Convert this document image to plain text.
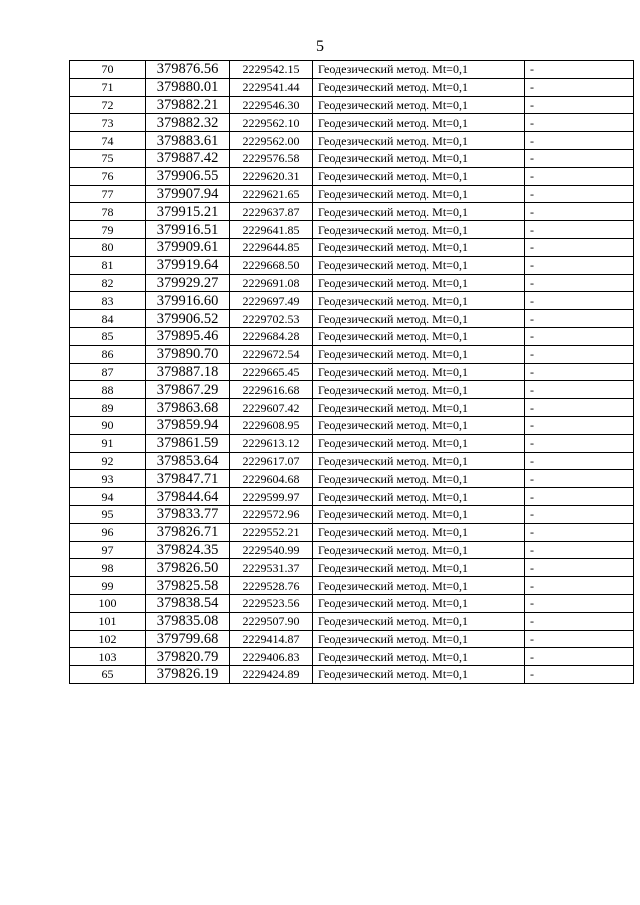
5
70	379876.56	2229542.15	Геодезический метод. Mt=0,1	-
71	379880.01	2229541.44	Геодезический метод. Mt=0,1	-
72	379882.21	2229546.30	Геодезический метод. Mt=0,1	-
73	379882.32	2229562.10	Геодезический метод. Mt=0,1	-
74	379883.61	2229562.00	Геодезический метод. Mt=0,1	-
75	379887.42	2229576.58	Геодезический метод. Mt=0,1	-
76	379906.55	2229620.31	Геодезический метод. Mt=0,1	-
77	379907.94	2229621.65	Геодезический метод. Mt=0,1	-
78	379915.21	2229637.87	Геодезический метод. Mt=0,1	-
79	379916.51	2229641.85	Геодезический метод. Mt=0,1	-
80	379909.61	2229644.85	Геодезический метод. Mt=0,1	-
81	379919.64	2229668.50	Геодезический метод. Mt=0,1	-
82	379929.27	2229691.08	Геодезический метод. Mt=0,1	-
83	379916.60	2229697.49	Геодезический метод. Mt=0,1	-
84	379906.52	2229702.53	Геодезический метод. Mt=0,1	-
85	379895.46	2229684.28	Геодезический метод. Mt=0,1	-
86	379890.70	2229672.54	Геодезический метод. Mt=0,1	-
87	379887.18	2229665.45	Геодезический метод. Mt=0,1	-
88	379867.29	2229616.68	Геодезический метод. Mt=0,1	-
89	379863.68	2229607.42	Геодезический метод. Mt=0,1	-
90	379859.94	2229608.95	Геодезический метод. Mt=0,1	-
91	379861.59	2229613.12	Геодезический метод. Mt=0,1	-
92	379853.64	2229617.07	Геодезический метод. Mt=0,1	-
93	379847.71	2229604.68	Геодезический метод. Mt=0,1	-
94	379844.64	2229599.97	Геодезический метод. Mt=0,1	-
95	379833.77	2229572.96	Геодезический метод. Mt=0,1	-
96	379826.71	2229552.21	Геодезический метод. Mt=0,1	-
97	379824.35	2229540.99	Геодезический метод. Mt=0,1	-
98	379826.50	2229531.37	Геодезический метод. Mt=0,1	-
99	379825.58	2229528.76	Геодезический метод. Mt=0,1	-
100	379838.54	2229523.56	Геодезический метод. Mt=0,1	-
101	379835.08	2229507.90	Геодезический метод. Mt=0,1	-
102	379799.68	2229414.87	Геодезический метод. Mt=0,1	-
103	379820.79	2229406.83	Геодезический метод. Mt=0,1	-
65	379826.19	2229424.89	Геодезический метод. Mt=0,1	-
